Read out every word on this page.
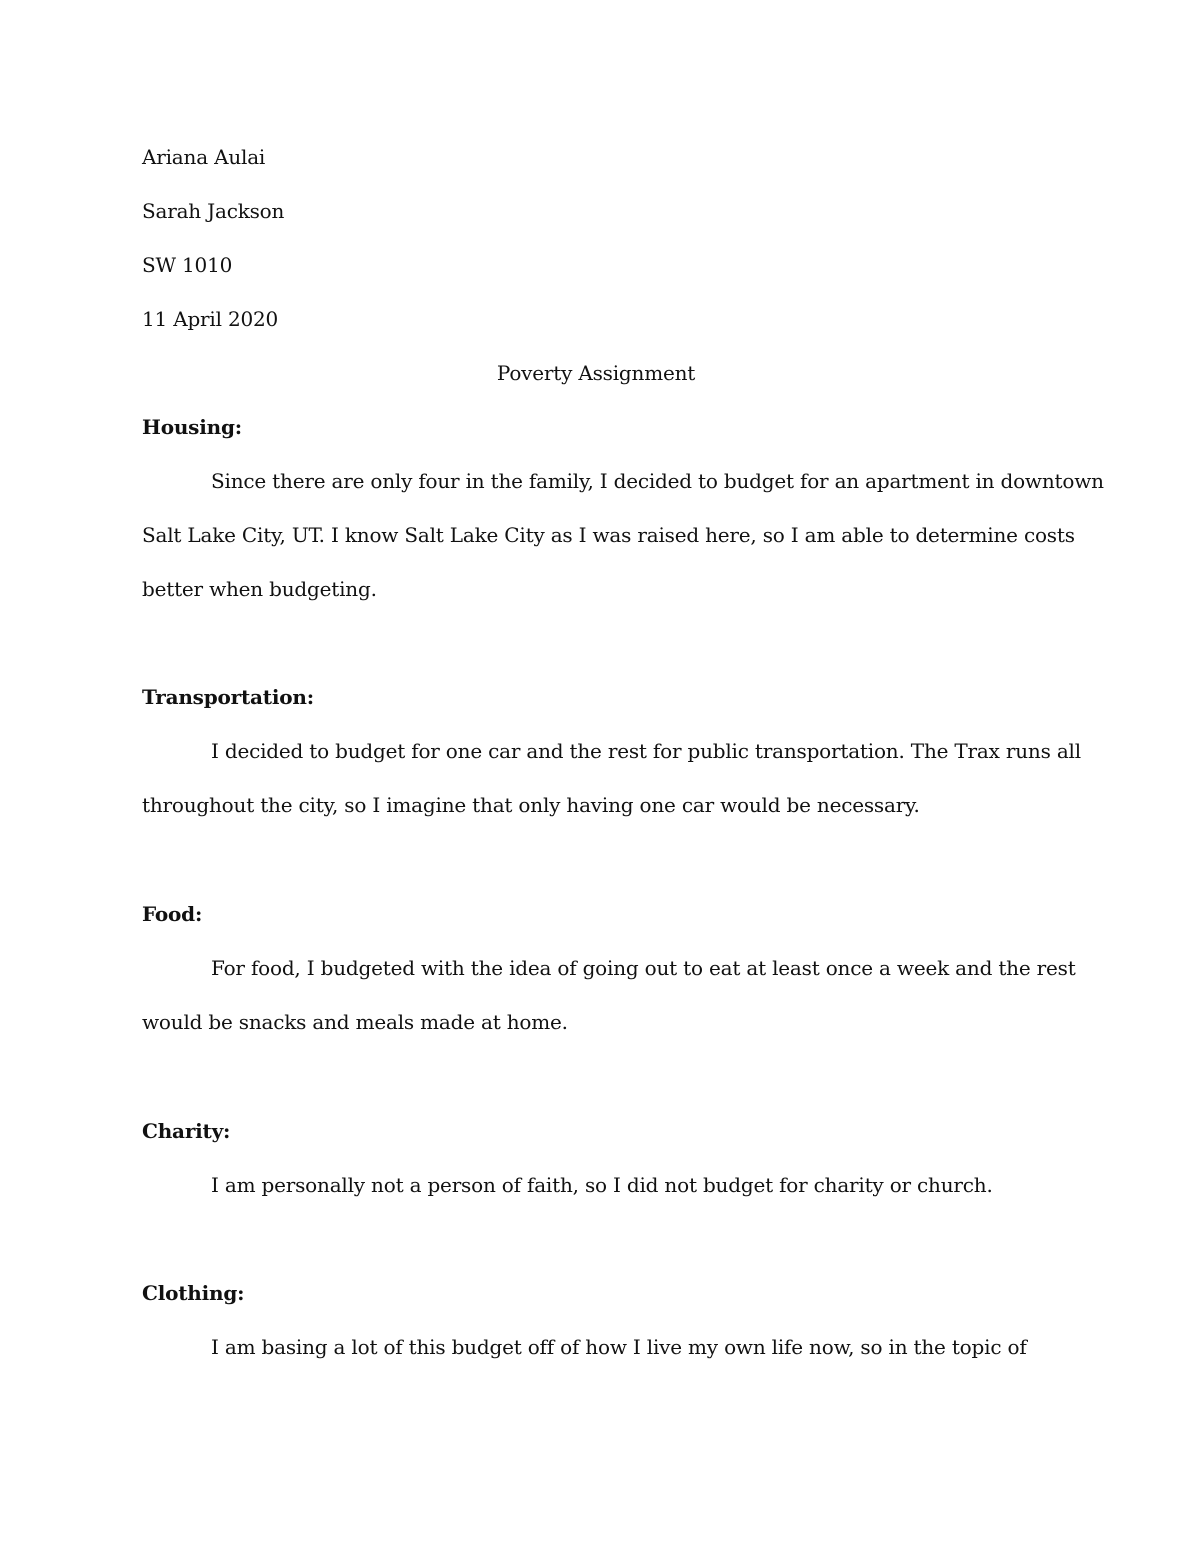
Ariana Aulai
Sarah Jackson
SW 1010
11 April 2020
Poverty Assignment
Housing:
Since there are only four in the family, I decided to budget for an apartment in downtown
Salt Lake City, UT. I know Salt Lake City as I was raised here, so I am able to determine costs
better when budgeting.
Transportation:
I decided to budget for one car and the rest for public transportation. The Trax runs all
throughout the city, so I imagine that only having one car would be necessary.
Food:
For food, I budgeted with the idea of going out to eat at least once a week and the rest
would be snacks and meals made at home.
Charity:
I am personally not a person of faith, so I did not budget for charity or church.
Clothing:
I am basing a lot of this budget off of how I live my own life now, so in the topic of
